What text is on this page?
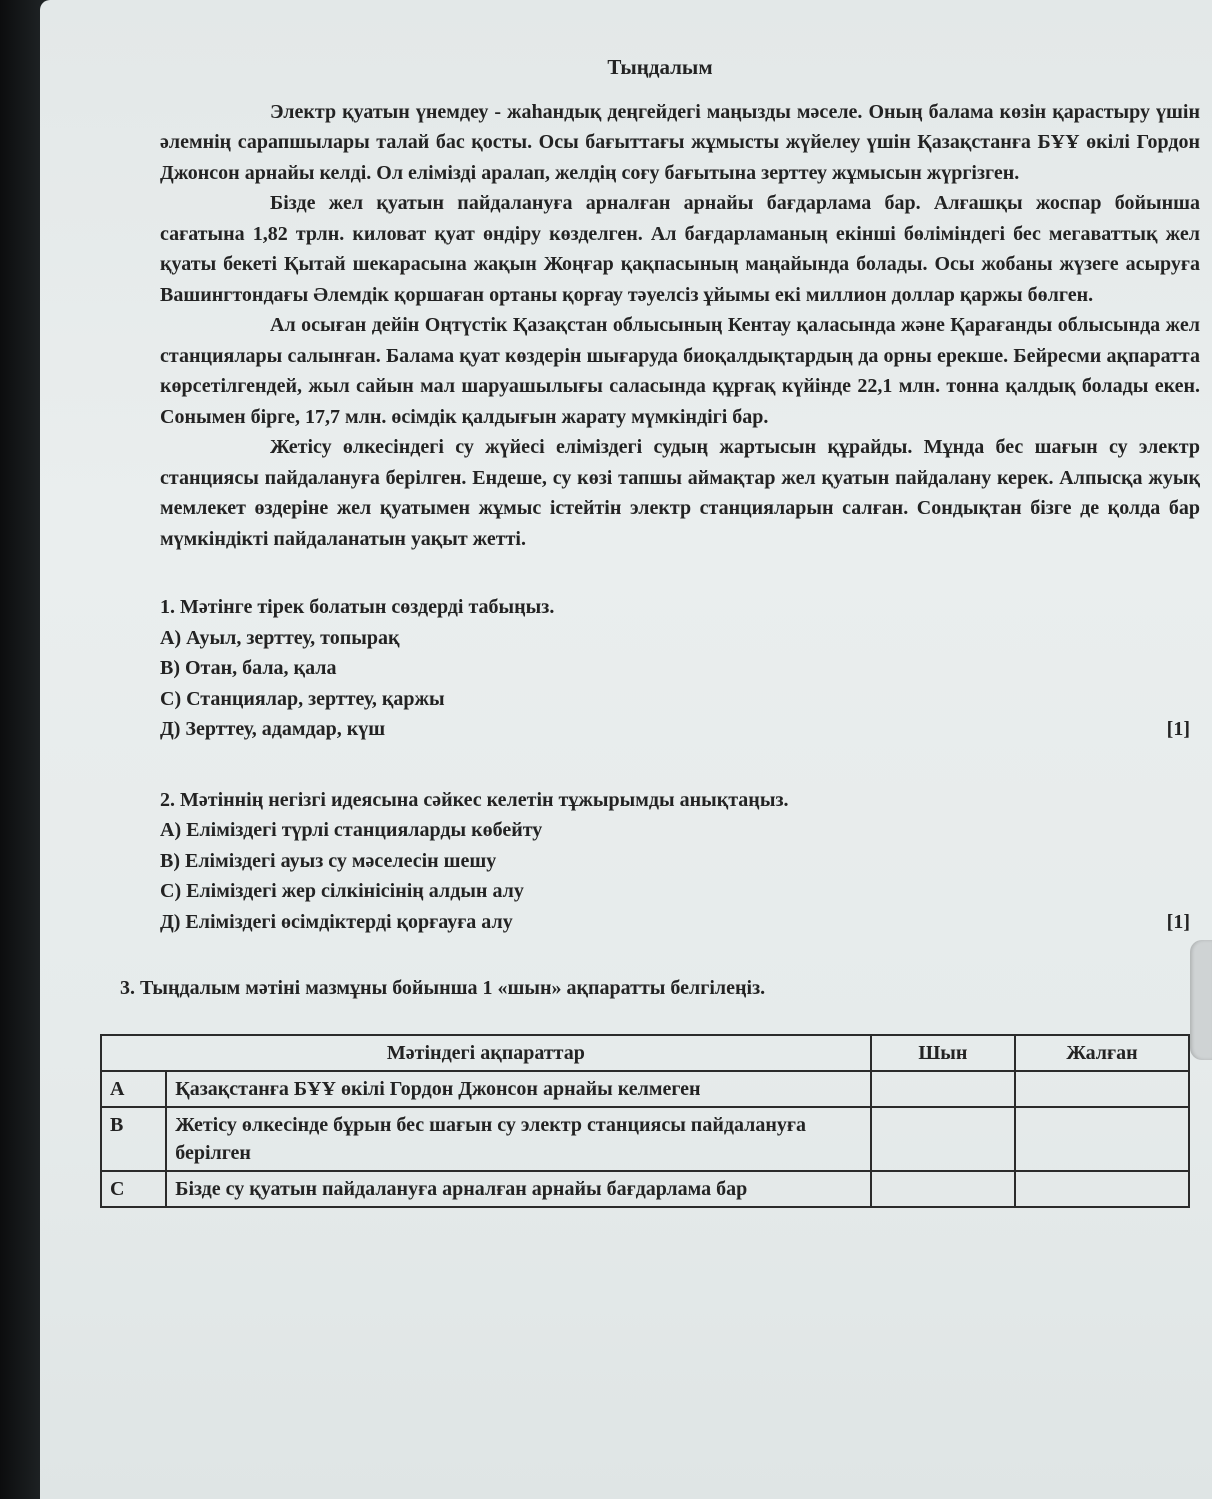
Тыңдалым

Электр қуатын үнемдеу - жаһандық деңгейдегі маңызды мәселе. Оның балама көзін қарастыру үшін әлемнің сарапшылары талай бас қосты. Осы бағыттағы жұмысты жүйелеу үшін Қазақстанға БҰҰ өкілі Гордон Джонсон арнайы келді. Ол елімізді аралап, желдің соғу бағытына зерттеу жұмысын жүргізген.

Бізде жел қуатын пайдалануға арналған арнайы бағдарлама бар. Алғашқы жоспар бойынша сағатына 1,82 трлн. киловат қуат өндіру көзделген. Ал бағдарламаның екінші бөліміндегі бес мегаваттық жел қуаты бекеті Қытай шекарасына жақын Жоңғар қақпасының маңайында болады. Осы жобаны жүзеге асыруға Вашингтондағы Әлемдік қоршаған ортаны қорғау тәуелсіз ұйымы екі миллион доллар қаржы бөлген.

Ал осыған дейін Оңтүстік Қазақстан облысының Кентау қаласында және Қарағанды облысында жел станциялары салынған. Балама қуат көздерін шығаруда биоқалдықтардың да орны ерекше. Бейресми ақпаратта көрсетілгендей, жыл сайын мал шаруашылығы саласында құрғақ күйінде 22,1 млн. тонна қалдық болады екен. Сонымен бірге, 17,7 млн. өсімдік қалдығын жарату мүмкіндігі бар.

Жетісу өлкесіндегі су жүйесі еліміздегі судың жартысын құрайды. Мұнда бес шағын су электр станциясы пайдалануға берілген. Ендеше, су көзі тапшы аймақтар жел қуатын пайдалану керек. Алпысқа жуық мемлекет өздеріне жел қуатымен жұмыс істейтін электр станцияларын салған. Сондықтан бізге де қолда бар мүмкіндікті пайдаланатын уақыт жетті.

1. Мәтінге тірек болатын сөздерді табыңыз.
А) Ауыл, зерттеу, топырақ
В) Отан, бала, қала
С) Станциялар, зерттеу, қаржы
Д) Зерттеу, адамдар, күш	[1]
2. Мәтіннің негізгі идеясына сәйкес келетін тұжырымды анықтаңыз.
А) Еліміздегі түрлі станцияларды көбейту
В) Еліміздегі ауыз су мәселесін шешу
С) Еліміздегі жер сілкінісінің алдын алу
Д) Еліміздегі өсімдіктерді қорғауға алу	[1]
3. Тыңдалым мәтіні мазмұны бойынша 1 «шын» ақпаратты белгілеңіз.
Мәтіндегі ақпараттар		Шын	Жалған
А	Қазақстанға БҰҰ өкілі Гордон Джонсон арнайы келмеген		
В	Жетісу өлкесінде бұрын бес шағын су электр станциясы пайдалануға берілген		
С	Бізде су қуатын пайдалануға арналған арнайы бағдарлама бар		
